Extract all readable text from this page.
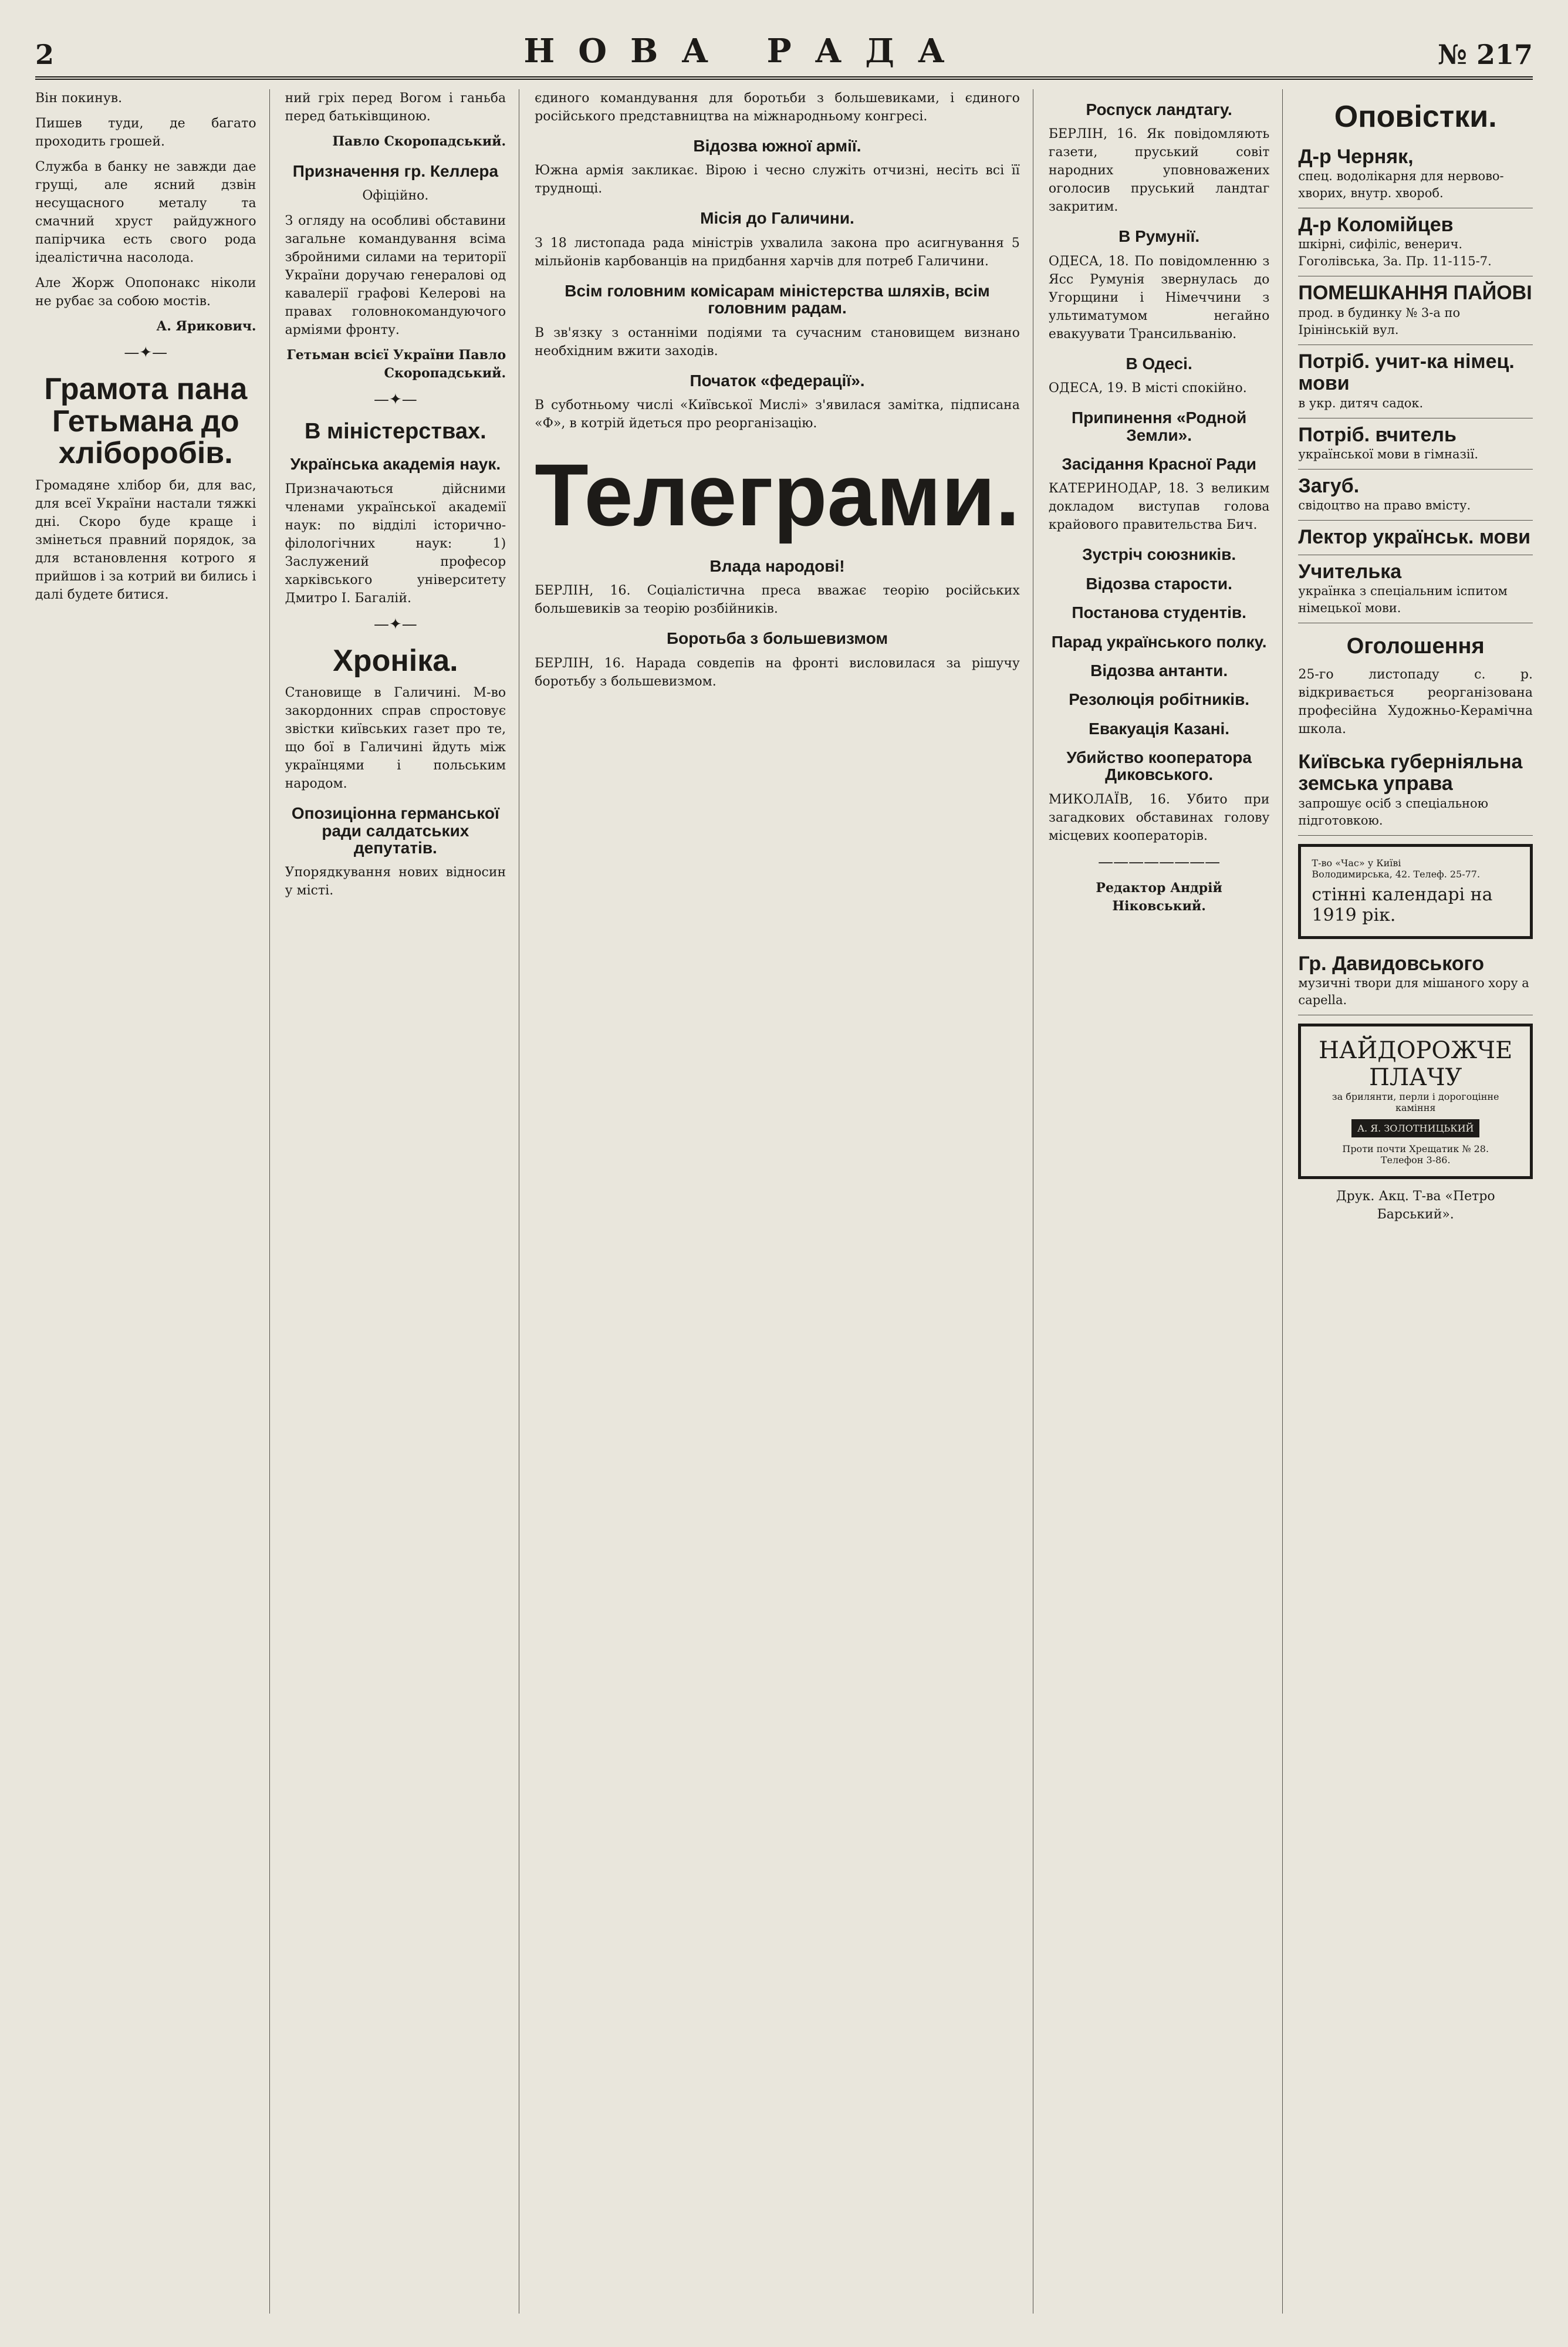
2	НОВА РАДА	№ 217

Він покинув.

Пишев туди, де багато проходить грошей.

Служба в банку не завжди дае грущі, але ясний дзвін несущасного металу та смачний хруст райдужного папірчика есть свого рода ідеалістична насолода.

Але Жорж Опопонакс ніколи не рубає за собою мостів.

А. Ярикович.

—✦—
Грамота пана Гетьмана до хліборобів.

Громадяне хлібор би, для вас, для всеї України настали тяжкі дні. Скоро буде краще і змінеться правний порядок, за для встановлення котрого я прийшов і за котрий ви бились і далі будете битися.

ний гріх перед Вогом і ганьба перед батьківщиною.

Павло Скоропадський.

Призначення гр. Келлера

Офіційно.

З огляду на особливі обставини загальне командування всіма збройними силами на території України доручаю генералові од кавалерії графові Келерові на правах головнокомандуючого арміями фронту.

Гетьман всієї України Павло Скоропадський.

—✦—
В міністерствах.
Українська академія наук.

Призначаються дійсними членами української академії наук: по відділі історично-філологічних наук: 1) Заслужений професор харківського університету Дмитро І. Багалій.

—✦—
Хроніка.

Становище в Галичині. М-во закордонних справ спростовує звістки київських газет про те, що бої в Галичині йдуть між українцями і польським народом.

Опозиціонна германської ради салдатських депутатів.

Упорядкування нових відносин у місті.

єдиного командування для боротьби з большевиками, і єдиного російського представництва на міжнародньому конгресі.

Відозва южної армії.

Южна армія закликає. Вірою і чесно служіть отчизні, несіть всі її труднощі.

Місія до Галичини.

З 18 листопада рада міністрів ухвалила закона про асигнування 5 мільйонів карбованців на придбання харчів для потреб Галичини.

Всім головним комісарам міністерства шляхів, всім головним радам.

В зв'язку з останніми подіями та сучасним становищем визнано необхідним вжити заходів.

Початок «федерації».

В суботньому числі «Київської Мислі» з'явилася замітка, підписана «Ф», в котрій йдеться про реорганізацію.

Телеграми.
Влада народові!

БЕРЛІН, 16. Соціалістична преса вважає теорію російських большевиків за теорію розбійників.

Боротьба з большевизмом

БЕРЛІН, 16. Нарада совдепів на фронті висловилася за рішучу боротьбу з большевизмом.

Роспуск ландтагу.

БЕРЛІН, 16. Як повідомляють газети, пруський совіт народних уповноважених оголосив пруський ландтаг закритим.

В Румунії.

ОДЕСА, 18. По повідомленню з Ясс Румунія звернулась до Угорщини і Німеччини з ультиматумом негайно евакуувати Трансильванію.

В Одесі.

ОДЕСА, 19. В місті спокійно.

Припинення «Родной Земли».
Засідання Красної Ради

КАТЕРИНОДАР, 18. З великим докладом виступав голова крайового правительства Бич.

Зустріч союзників.
Відозва старости.
Постанова студентів.
Парад українського полку.
Відозва антанти.
Резолюція робітників.
Евакуація Казані.
Убийство кооператора Диковського.

МИКОЛАЇВ, 16. Убито при загадкових обставинах голову місцевих кооператорів.

————————

Редактор Андрій Ніковський.

Оповістки.
Д-р Черняк,
спец. водолікарня для нервово-хворих, внутр. хвороб.
Д-р Коломійцев
шкірні, сифіліс, венерич. Гоголівська, За. Пр. 11-115-7.
ПОМЕШКАННЯ ПАЙОВІ
прод. в будинку № 3-а по Ірінінській вул.
Потріб. учит-ка німец. мови
в укр. дитяч садок.
Потріб. вчитель
української мови в гімназії.
Загуб.
свідоцтво на право вмісту.
Лектор українськ. мови
Учителька
українка з спеціальним іспитом німецької мови.
Оголошення

25-го листопаду с. р. відкривається реорганізована професійна Художньо-Керамічна школа.

Київська губерніяльна земська управа
запрошує осіб з спеціальною підготовкою.
Т-во «Час» у Київі
Володимирська, 42. Телеф. 25-77.
стінні календарі на 1919 рік.
Гр. Давидовського
музичні твори для мішаного хору а capella.
НАЙДОРОЖЧЕ ПЛАЧУ
за брилянти, перли і дорогоцінне каміння
А. Я. ЗОЛОТНИЦЬКИЙ
Проти почти Хрещатик № 28.
Телефон 3-86.

Друк. Акц. Т-ва «Петро Барський».
